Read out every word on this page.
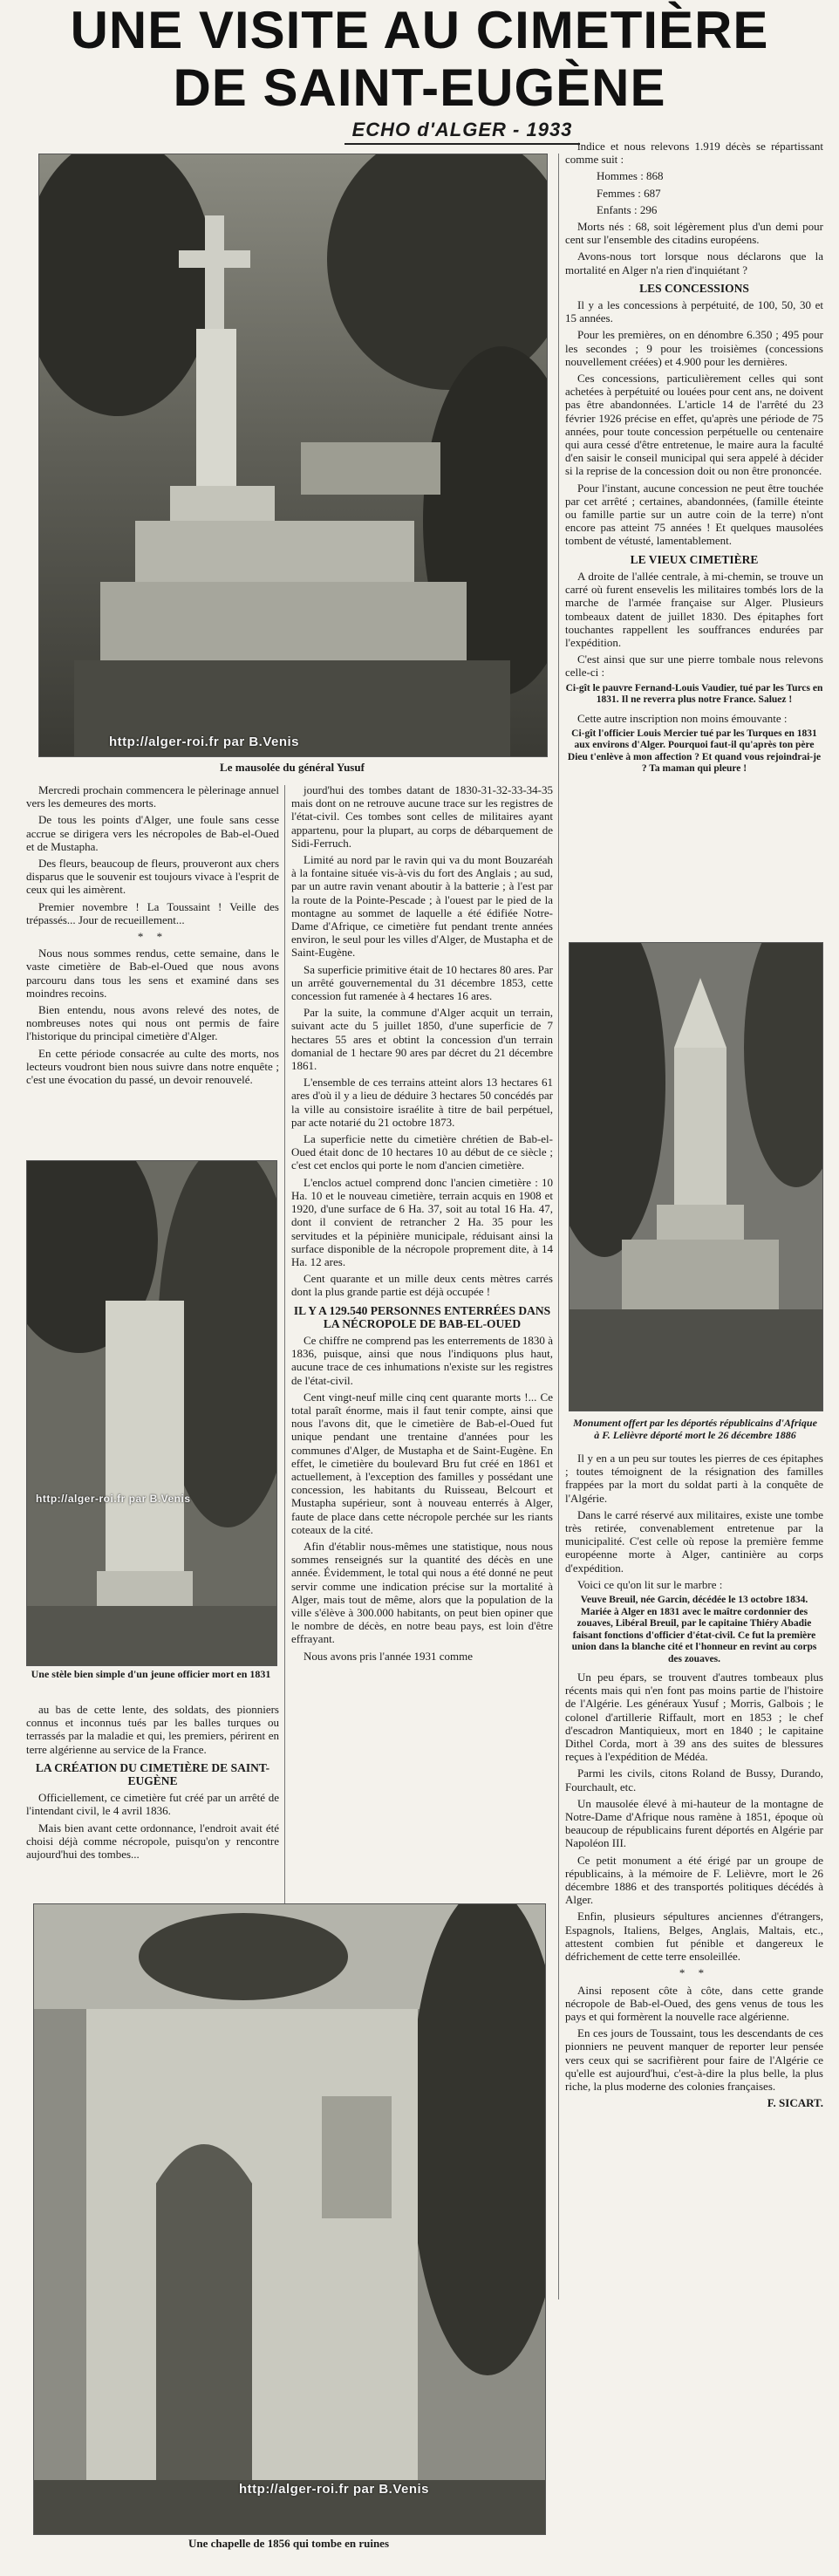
UNE VISITE AU CIMETIÈRE
DE SAINT-EUGÈNE
ECHO d'ALGER - 1933
http://alger-roi.fr par B.Venis
Le mausolée du général Yusuf
http://alger-roi.fr par B.Venis
Une stèle bien simple d'un jeune officier mort en 1831
Monument offert par les déportés républicains d'Afrique à F. Lelièvre déporté mort le 26 décembre 1886
http://alger-roi.fr par B.Venis
Une chapelle de 1856 qui tombe en ruines

Mercredi prochain commencera le pèlerinage annuel vers les demeures des morts.

De tous les points d'Alger, une foule sans cesse accrue se dirigera vers les nécropoles de Bab-el-Oued et de Mustapha.

Des fleurs, beaucoup de fleurs, prouveront aux chers disparus que le souvenir est toujours vivace à l'esprit de ceux qui les aimèrent.

Premier novembre ! La Toussaint ! Veille des trépassés... Jour de recueillement...

* *

Nous nous sommes rendus, cette semaine, dans le vaste cimetière de Bab-el-Oued que nous avons parcouru dans tous les sens et examiné dans ses moindres recoins.

Bien entendu, nous avons relevé des notes, de nombreuses notes qui nous ont permis de faire l'historique du principal cimetière d'Alger.

En cette période consacrée au culte des morts, nos lecteurs voudront bien nous suivre dans notre enquête ; c'est une évocation du passé, un devoir renouvelé.

au bas de cette lente, des soldats, des pionniers connus et inconnus tués par les balles turques ou terrassés par la maladie et qui, les premiers, périrent en terre algérienne au service de la France.

LA CRÉATION DU CIMETIÈRE DE SAINT-EUGÈNE

Officiellement, ce cimetière fut créé par un arrêté de l'intendant civil, le 4 avril 1836.

Mais bien avant cette ordonnance, l'endroit avait été choisi déjà comme nécropole, puisqu'on y rencontre aujourd'hui des tombes...

jourd'hui des tombes datant de 1830-31-32-33-34-35 mais dont on ne retrouve aucune trace sur les registres de l'état-civil. Ces tombes sont celles de militaires ayant appartenu, pour la plupart, au corps de débarquement de Sidi-Ferruch.

Limité au nord par le ravin qui va du mont Bouzaréah à la fontaine située vis-à-vis du fort des Anglais ; au sud, par un autre ravin venant aboutir à la batterie ; à l'est par la route de la Pointe-Pescade ; à l'ouest par le pied de la montagne au sommet de laquelle a été édifiée Notre-Dame d'Afrique, ce cimetière fut pendant trente années environ, le seul pour les villes d'Alger, de Mustapha et de Saint-Eugène.

Sa superficie primitive était de 10 hectares 80 ares. Par un arrêté gouvernemental du 31 décembre 1853, cette concession fut ramenée à 4 hectares 16 ares.

Par la suite, la commune d'Alger acquit un terrain, suivant acte du 5 juillet 1850, d'une superficie de 7 hectares 55 ares et obtint la concession d'un terrain domanial de 1 hectare 90 ares par décret du 21 décembre 1861.

L'ensemble de ces terrains atteint alors 13 hectares 61 ares d'où il y a lieu de déduire 3 hectares 50 concédés par la ville au consistoire israélite à titre de bail perpétuel, par acte notarié du 21 octobre 1873.

La superficie nette du cimetière chrétien de Bab-el-Oued était donc de 10 hectares 10 au début de ce siècle ; c'est cet enclos qui porte le nom d'ancien cimetière.

L'enclos actuel comprend donc l'ancien cimetière : 10 Ha. 10 et le nouveau cimetière, terrain acquis en 1908 et 1920, d'une surface de 6 Ha. 37, soit au total 16 Ha. 47, dont il convient de retrancher 2 Ha. 35 pour les servitudes et la pépinière municipale, réduisant ainsi la surface disponible de la nécropole proprement dite, à 14 Ha. 12 ares.

Cent quarante et un mille deux cents mètres carrés dont la plus grande partie est déjà occupée !

IL Y A 129.540 PERSONNES ENTERRÉES DANS LA NÉCROPOLE DE BAB-EL-OUED

Ce chiffre ne comprend pas les enterrements de 1830 à 1836, puisque, ainsi que nous l'indiquons plus haut, aucune trace de ces inhumations n'existe sur les registres de l'état-civil.

Cent vingt-neuf mille cinq cent quarante morts !... Ce total paraît énorme, mais il faut tenir compte, ainsi que nous l'avons dit, que le cimetière de Bab-el-Oued fut unique pendant une trentaine d'années pour les communes d'Alger, de Mustapha et de Saint-Eugène. En effet, le cimetière du boulevard Bru fut créé en 1861 et actuellement, à l'exception des familles y possédant une concession, les habitants du Ruisseau, Belcourt et Mustapha supérieur, sont à nouveau enterrés à Alger, faute de place dans cette nécropole perchée sur les riants coteaux de la cité.

Afin d'établir nous-mêmes une statistique, nous nous sommes renseignés sur la quantité des décès en une année. Évidemment, le total qui nous a été donné ne peut servir comme une indication précise sur la mortalité à Alger, mais tout de même, alors que la population de la ville s'élève à 300.000 habitants, on peut bien opiner que le nombre de décès, en notre beau pays, est loin d'être effrayant.

Nous avons pris l'année 1931 comme

indice et nous relevons 1.919 décès se répartissant comme suit :

Hommes : 868

Femmes : 687

Enfants : 296

Morts nés : 68, soit légèrement plus d'un demi pour cent sur l'ensemble des citadins européens.

Avons-nous tort lorsque nous déclarons que la mortalité en Alger n'a rien d'inquiétant ?

LES CONCESSIONS

Il y a les concessions à perpétuité, de 100, 50, 30 et 15 années.

Pour les premières, on en dénombre 6.350 ; 495 pour les secondes ; 9 pour les troisièmes (concessions nouvellement créées) et 4.900 pour les dernières.

Ces concessions, particulièrement celles qui sont achetées à perpétuité ou louées pour cent ans, ne doivent pas être abandonnées. L'article 14 de l'arrêté du 23 février 1926 précise en effet, qu'après une période de 75 années, pour toute concession perpétuelle ou centenaire qui aura cessé d'être entretenue, le maire aura la faculté d'en saisir le conseil municipal qui sera appelé à décider si la reprise de la concession doit ou non être prononcée.

Pour l'instant, aucune concession ne peut être touchée par cet arrêté ; certaines, abandonnées, (famille éteinte ou famille partie sur un autre coin de la terre) n'ont encore pas atteint 75 années ! Et quelques mausolées tombent de vétusté, lamentablement.

LE VIEUX CIMETIÈRE

A droite de l'allée centrale, à mi-chemin, se trouve un carré où furent ensevelis les militaires tombés lors de la marche de l'armée française sur Alger. Plusieurs tombeaux datent de juillet 1830. Des épitaphes fort touchantes rappellent les souffrances endurées par l'expédition.

C'est ainsi que sur une pierre tombale nous relevons celle-ci :

Ci-gît le pauvre Fernand-Louis Vaudier, tué par les Turcs en 1831. Il ne reverra plus notre France. Saluez !

Cette autre inscription non moins émouvante :

Ci-gît l'officier Louis Mercier tué par les Turques en 1831 aux environs d'Alger. Pourquoi faut-il qu'après ton père Dieu t'enlève à mon affection ? Et quand vous rejoindrai-je ? Ta maman qui pleure !

Il y en a un peu sur toutes les pierres de ces épitaphes ; toutes témoignent de la résignation des familles frappées par la mort du soldat parti à la conquête de l'Algérie.

Dans le carré réservé aux militaires, existe une tombe très retirée, convenablement entretenue par la municipalité. C'est celle où repose la première femme européenne morte à Alger, cantinière au corps d'expédition.

Voici ce qu'on lit sur le marbre :

Veuve Breuil, née Garcin, décédée le 13 octobre 1834. Mariée à Alger en 1831 avec le maître cordonnier des zouaves, Libéral Breuil, par le capitaine Thiéry Abadie faisant fonctions d'officier d'état-civil. Ce fut la première union dans la blanche cité et l'honneur en revint au corps des zouaves.

Un peu épars, se trouvent d'autres tombeaux plus récents mais qui n'en font pas moins partie de l'histoire de l'Algérie. Les généraux Yusuf ; Morris, Galbois ; le colonel d'artillerie Riffault, mort en 1853 ; le chef d'escadron Mantiquieux, mort en 1840 ; le capitaine Dithel Corda, mort à 39 ans des suites de blessures reçues à l'expédition de Médéa.

Parmi les civils, citons Roland de Bussy, Durando, Fourchault, etc.

Un mausolée élevé à mi-hauteur de la montagne de Notre-Dame d'Afrique nous ramène à 1851, époque où beaucoup de républicains furent déportés en Algérie par Napoléon III.

Ce petit monument a été érigé par un groupe de républicains, à la mémoire de F. Lelièvre, mort le 26 décembre 1886 et des transportés politiques décédés à Alger.

Enfin, plusieurs sépultures anciennes d'étrangers, Espagnols, Italiens, Belges, Anglais, Maltais, etc., attestent combien fut pénible et dangereux le défrichement de cette terre ensoleillée.

* *

Ainsi reposent côte à côte, dans cette grande nécropole de Bab-el-Oued, des gens venus de tous les pays et qui formèrent la nouvelle race algérienne.

En ces jours de Toussaint, tous les descendants de ces pionniers ne peuvent manquer de reporter leur pensée vers ceux qui se sacrifièrent pour faire de l'Algérie ce qu'elle est aujourd'hui, c'est-à-dire la plus belle, la plus riche, la plus moderne des colonies françaises.

F. SICART.
